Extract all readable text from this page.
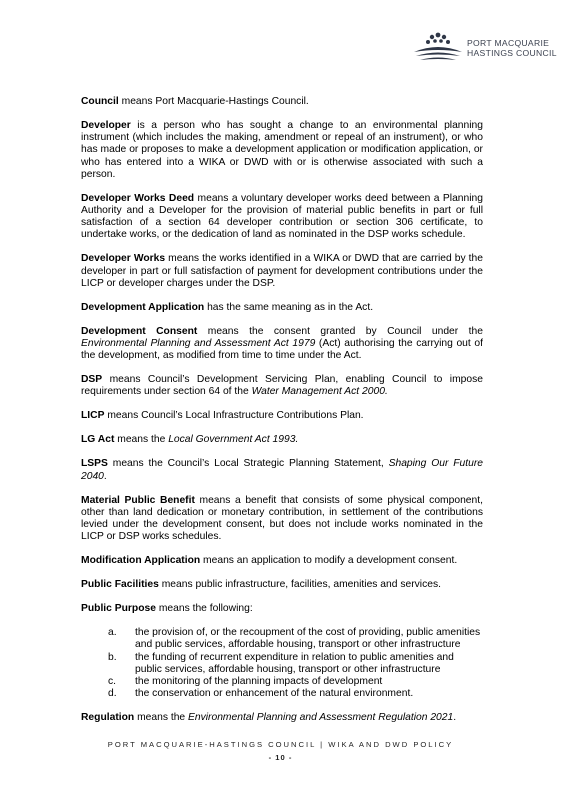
PORT MACQUARIE
HASTINGS COUNCIL

Council means Port Macquarie-Hastings Council.

Developer is a person who has sought a change to an environmental planning instrument (which includes the making, amendment or repeal of an instrument), or who has made or proposes to make a development application or modification application, or who has entered into a WIKA or DWD with or is otherwise associated with such a person.

Developer Works Deed means a voluntary developer works deed between a Planning Authority and a Developer for the provision of material public benefits in part or full satisfaction of a section 64 developer contribution or section 306 certificate, to undertake works, or the dedication of land as nominated in the DSP works schedule.

Developer Works means the works identified in a WIKA or DWD that are carried by the developer in part or full satisfaction of payment for development contributions under the LICP or developer charges under the DSP.

Development Application has the same meaning as in the Act.

Development Consent means the consent granted by Council under the Environmental Planning and Assessment Act 1979 (Act) authorising the carrying out of the development, as modified from time to time under the Act.

DSP means Council’s Development Servicing Plan, enabling Council to impose requirements under section 64 of the Water Management Act 2000.

LICP means Council’s Local Infrastructure Contributions Plan.

LG Act means the Local Government Act 1993.

LSPS means the Council’s Local Strategic Planning Statement, Shaping Our Future 2040.

Material Public Benefit means a benefit that consists of some physical component, other than land dedication or monetary contribution, in settlement of the contributions levied under the development consent, but does not include works nominated in the LICP or DSP works schedules.

Modification Application means an application to modify a development consent.

Public Facilities means public infrastructure, facilities, amenities and services.

Public Purpose means the following:

a. the provision of, or the recoupment of the cost of providing, public amenities and public services, affordable housing, transport or other infrastructure
b. the funding of recurrent expenditure in relation to public amenities and public services, affordable housing, transport or other infrastructure
c. the monitoring of the planning impacts of development
d. the conservation or enhancement of the natural environment.

Regulation means the Environmental Planning and Assessment Regulation 2021.

PORT MACQUARIE-HASTINGS COUNCIL | WIKA AND DWD POLICY
- 10 -
